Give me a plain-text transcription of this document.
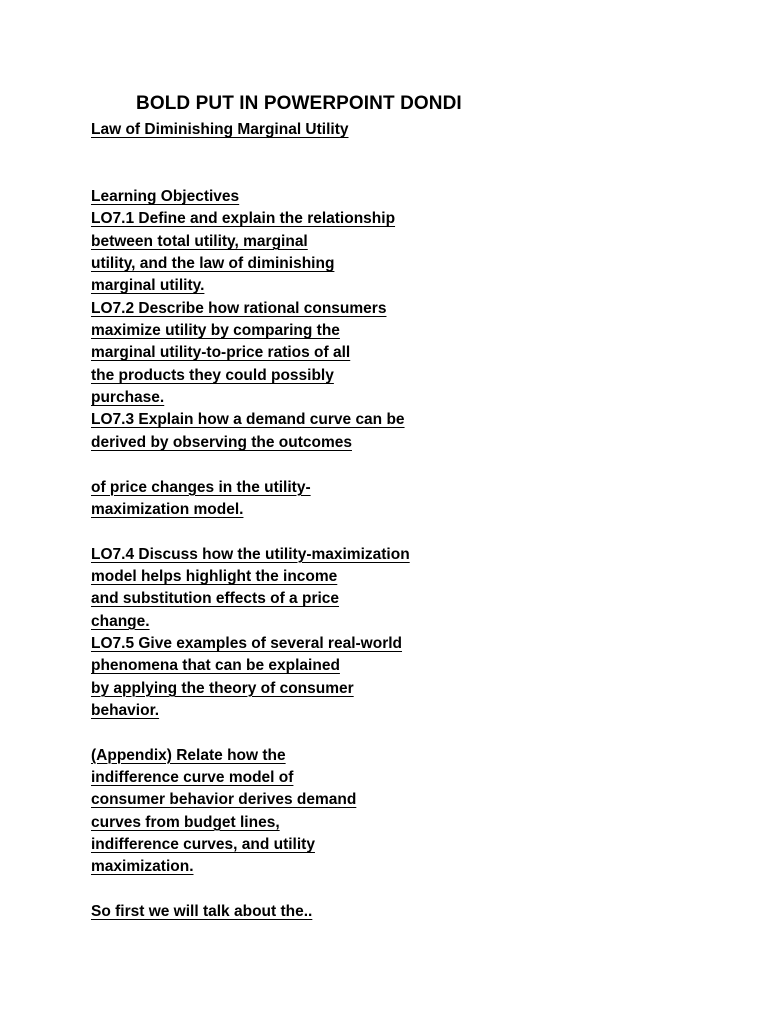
BOLD PUT IN POWERPOINT DONDI
Law of Diminishing Marginal Utility
Learning Objectives
LO7.1 Define and explain the relationship
between total utility, marginal
utility, and the law of diminishing
marginal utility.
LO7.2 Describe how rational consumers
maximize utility by comparing the
marginal utility-to-price ratios of all
the products they could possibly
purchase.
LO7.3 Explain how a demand curve can be
derived by observing the outcomes
of price changes in the utility-
maximization model.
LO7.4 Discuss how the utility-maximization
model helps highlight the income
and substitution effects of a price
change.
LO7.5 Give examples of several real-world
phenomena that can be explained
by applying the theory of consumer
behavior.
(Appendix) Relate how the
indifference curve model of
consumer behavior derives demand
curves from budget lines,
indifference curves, and utility
maximization.
So first we will talk about the..
